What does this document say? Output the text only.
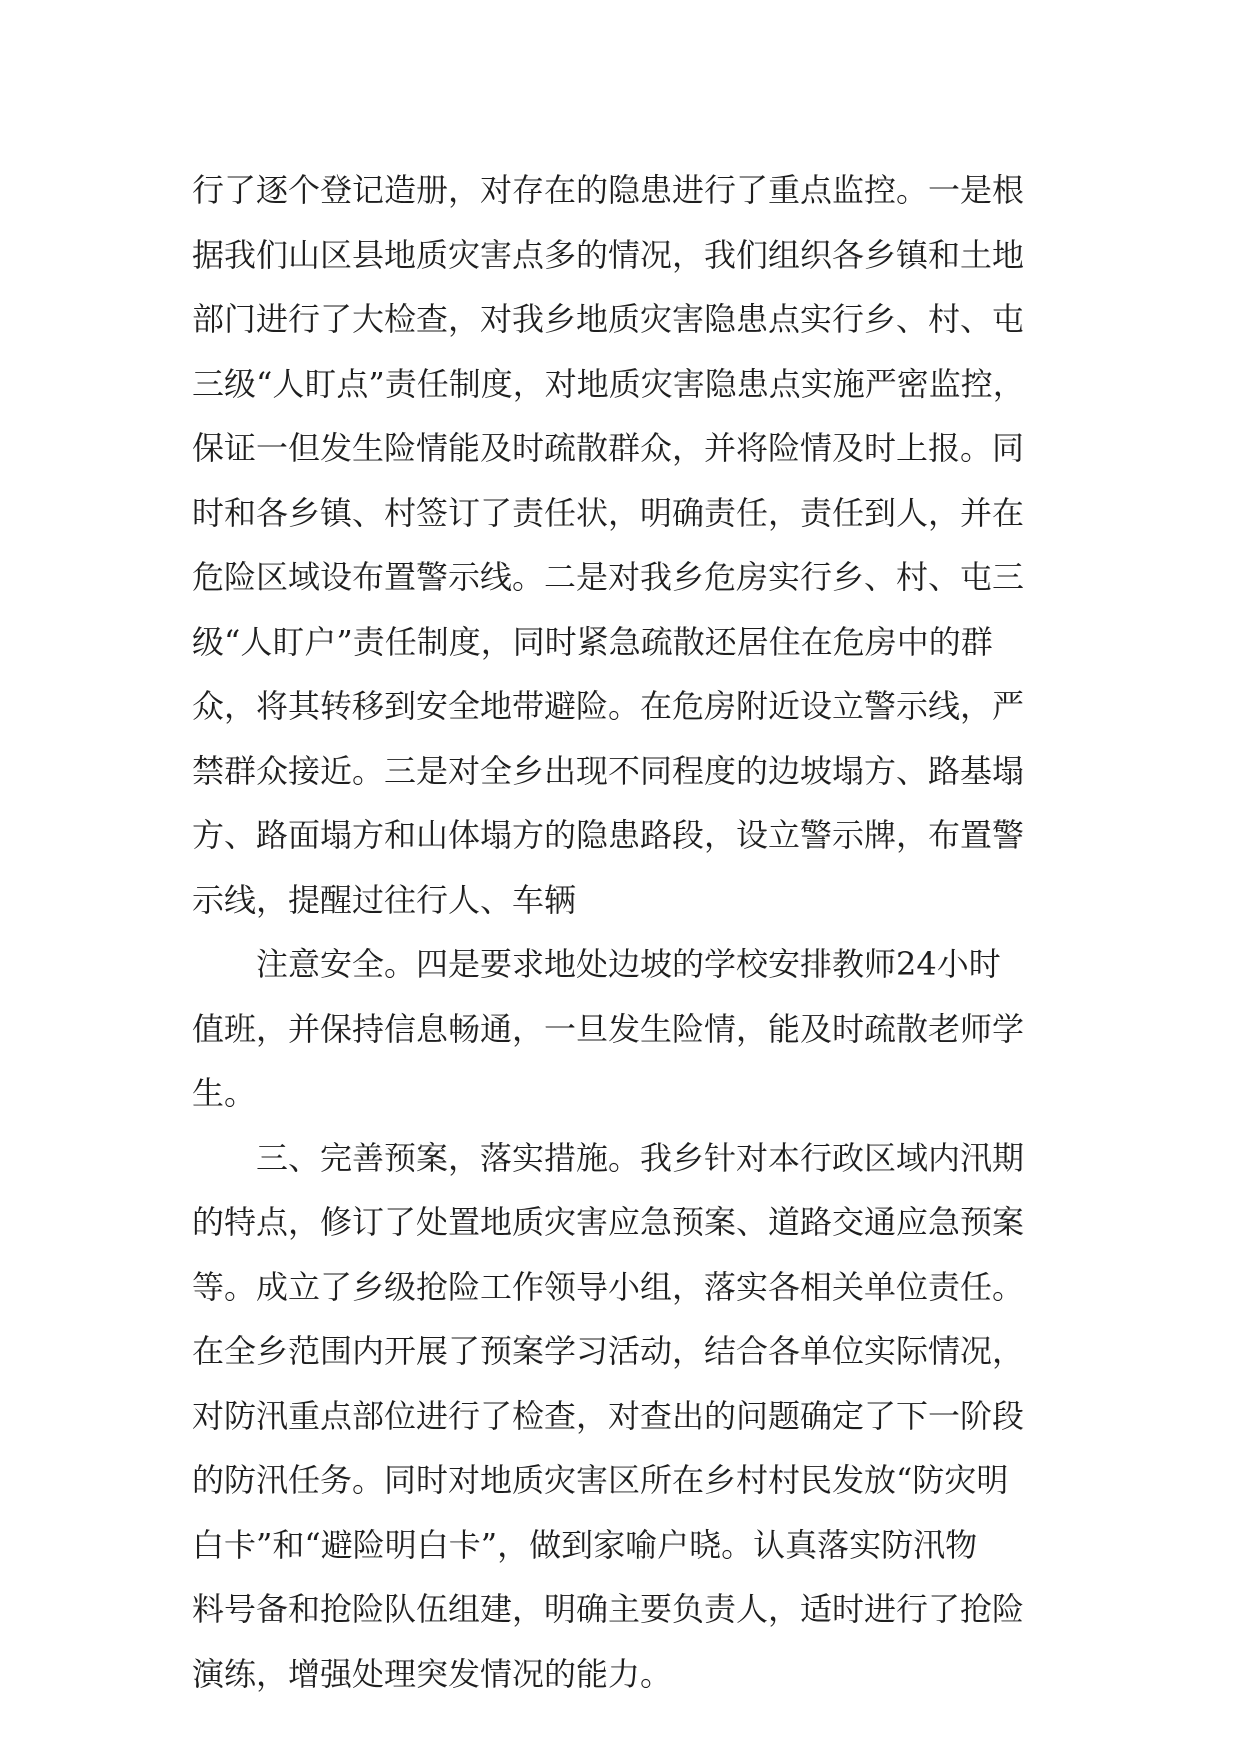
行了逐个登记造册，对存在的隐患进行了重点监控。一是根
据我们山区县地质灾害点多的情况，我们组织各乡镇和土地
部门进行了大检查，对我乡地质灾害隐患点实行乡、村、屯
三级“人盯点”责任制度，对地质灾害隐患点实施严密监控，
保证一但发生险情能及时疏散群众，并将险情及时上报。同
时和各乡镇、村签订了责任状，明确责任，责任到人，并在
危险区域设布置警示线。二是对我乡危房实行乡、村、屯三
级“人盯户”责任制度，同时紧急疏散还居住在危房中的群
众，将其转移到安全地带避险。在危房附近设立警示线，严
禁群众接近。三是对全乡出现不同程度的边坡塌方、路基塌
方、路面塌方和山体塌方的隐患路段，设立警示牌，布置警
示线，提醒过往行人、车辆
注意安全。四是要求地处边坡的学校安排教师24小时
值班，并保持信息畅通，一旦发生险情，能及时疏散老师学
生。
三、完善预案，落实措施。我乡针对本行政区域内汛期
的特点，修订了处置地质灾害应急预案、道路交通应急预案
等。成立了乡级抢险工作领导小组，落实各相关单位责任。
在全乡范围内开展了预案学习活动，结合各单位实际情况，
对防汛重点部位进行了检查，对查出的问题确定了下一阶段
的防汛任务。同时对地质灾害区所在乡村村民发放“防灾明
白卡”和“避险明白卡”，做到家喻户晓。认真落实防汛物
料号备和抢险队伍组建，明确主要负责人，适时进行了抢险
演练，增强处理突发情况的能力。
